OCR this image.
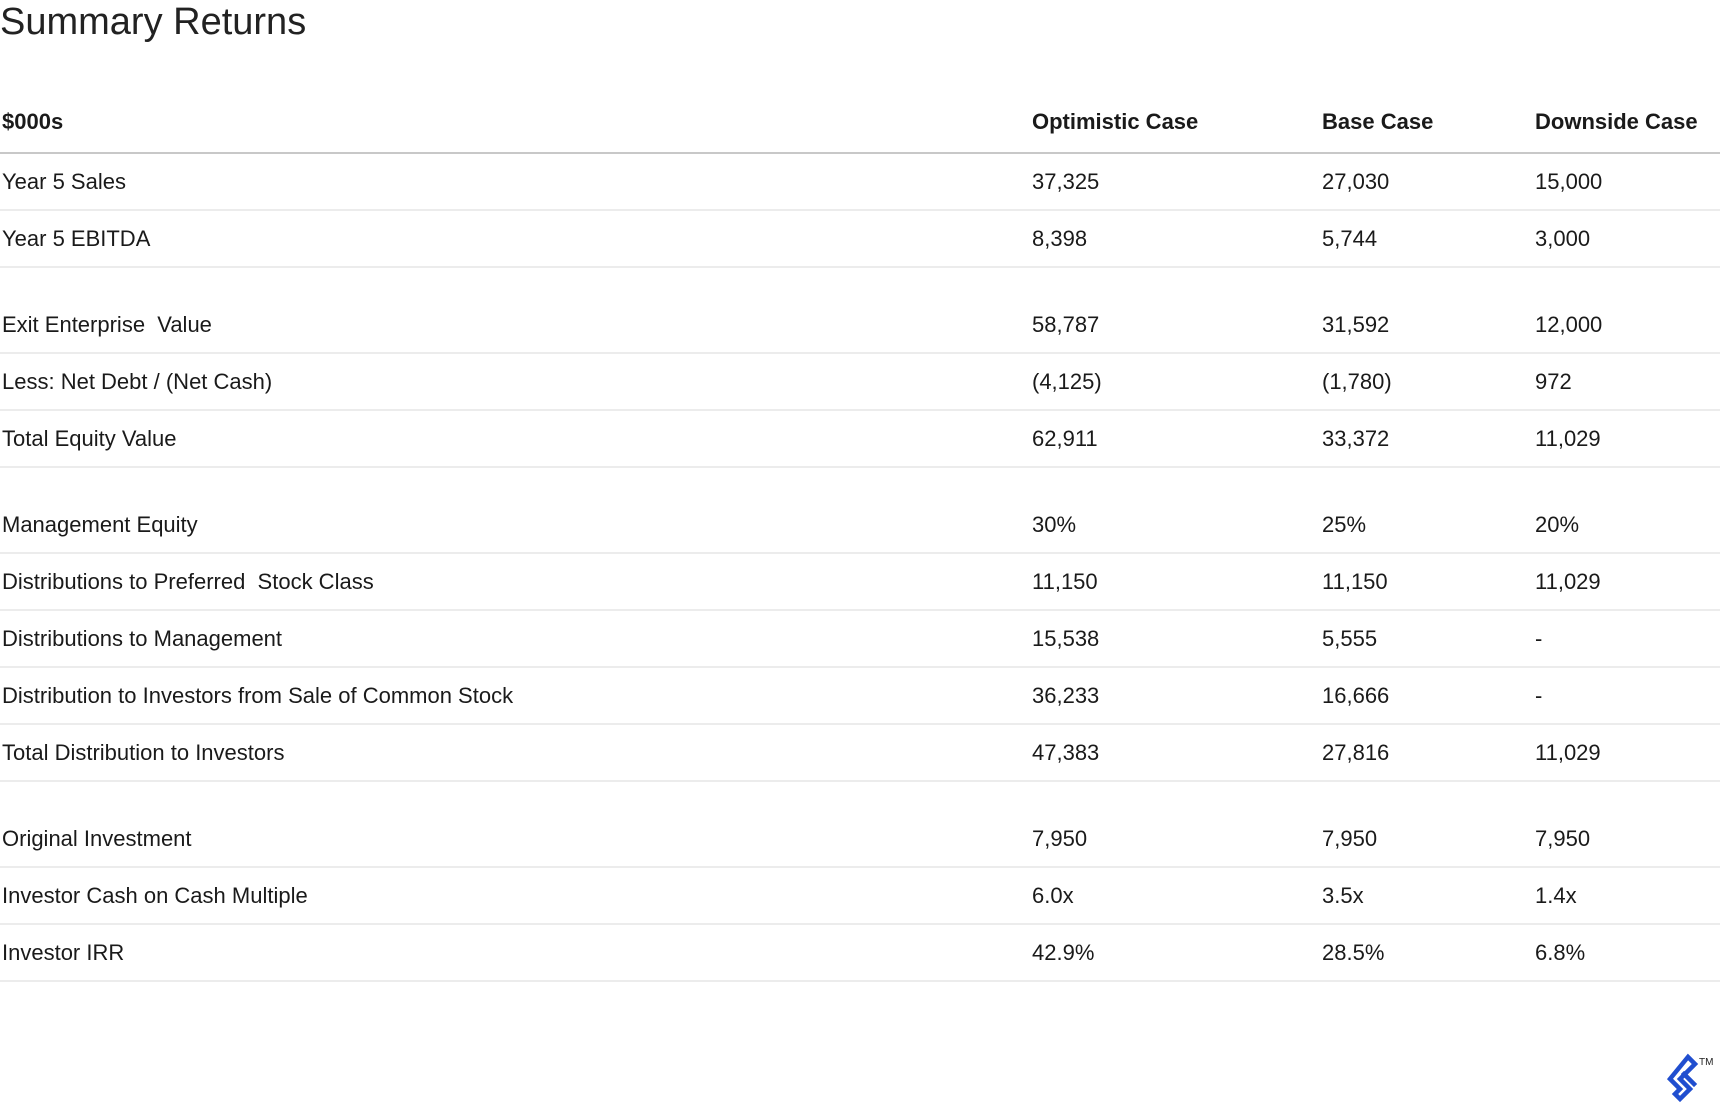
Summary Returns
$000s	Optimistic Case	Base Case	Downside Case
Year 5 Sales	37,325	27,030	15,000
Year 5 EBITDA	8,398	5,744	3,000
Exit Enterprise  Value	58,787	31,592	12,000
Less: Net Debt / (Net Cash)	(4,125)	(1,780)	972
Total Equity Value	62,911	33,372	11,029
Management Equity	30%	25%	20%
Distributions to Preferred  Stock Class	11,150	11,150	11,029
Distributions to Management	15,538	5,555	-
Distribution to Investors from Sale of Common Stock	36,233	16,666	-
Total Distribution to Investors	47,383	27,816	11,029
Original Investment	7,950	7,950	7,950
Investor Cash on Cash Multiple	6.0x	3.5x	1.4x
Investor IRR	42.9%	28.5%	6.8%
TM
